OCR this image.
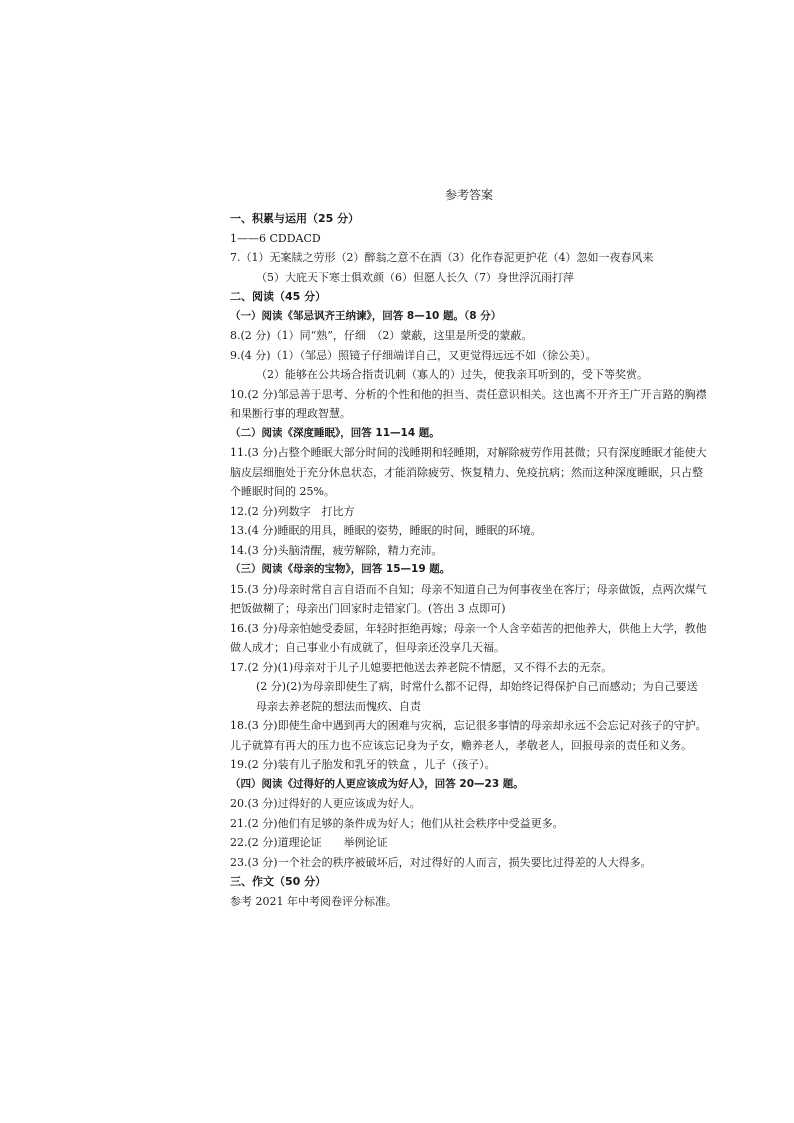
参考答案
一、积累与运用（25 分）
1——6 CDDACD
7.（1）无案牍之劳形（2）醉翁之意不在酒（3）化作春泥更护花（4）忽如一夜春风来
（5）大庇天下寒士俱欢颜（6）但愿人长久（7）身世浮沉雨打萍
二、阅读（45 分）
（一）阅读《邹忌讽齐王纳谏》，回答 8—10 题。（8 分）
8.(2 分)（1）同“熟”，仔细　（2）蒙蔽，这里是所受的蒙蔽。
9.(4 分)（1）（邹忌）照镜子仔细端详自己，又更觉得远远不如（徐公美）。
（2）能够在公共场合指责讥刺（寡人的）过失，使我亲耳听到的，受下等奖赏。
10.(2 分)邹忌善于思考、分析的个性和他的担当、责任意识相关。这也离不开齐王广开言路的胸襟和果断行事的理政智慧。
（二）阅读《深度睡眠》，回答 11—14 题。
11.(3 分)占整个睡眠大部分时间的浅睡期和轻睡期，对解除疲劳作用甚微；只有深度睡眠才能使大脑皮层细胞处于充分休息状态，才能消除疲劳、恢复精力、免疫抗病；然而这种深度睡眠，只占整个睡眠时间的 25%。
12.(2 分)列数字　打比方
13.(4 分)睡眠的用具，睡眠的姿势，睡眠的时间，睡眠的环境。
14.(3 分)头脑清醒，疲劳解除，精力充沛。
（三）阅读《母亲的宝物》，回答 15—19 题。
15.(3 分)母亲时常自言自语而不自知；母亲不知道自己为何事夜坐在客厅；母亲做饭，点两次煤气把饭做糊了；母亲出门回家时走错家门。(答出 3 点即可)
16.(3 分)母亲怕她受委屈，年轻时拒绝再嫁；母亲一个人含辛茹苦的把他养大，供他上大学，教他做人成才；自己事业小有成就了，但母亲还没享几天福。
17.(2 分)(1)母亲对于儿子儿媳要把他送去养老院不情愿，又不得不去的无奈。
(2 分)(2)为母亲即使生了病，时常什么都不记得，却始终记得保护自己而感动；为自己要送母亲去养老院的想法而愧疚、自责
18.(3 分)即使生命中遇到再大的困难与灾祸，忘记很多事情的母亲却永远不会忘记对孩子的守护。儿子就算有再大的压力也不应该忘记身为子女，赡养老人，孝敬老人，回报母亲的责任和义务。
19.(2 分)装有儿子胎发和乳牙的铁盒 ，儿子（孩子）。
（四）阅读《过得好的人更应该成为好人》，回答 20—23 题。
20.(3 分)过得好的人更应该成为好人。
21.(2 分)他们有足够的条件成为好人；他们从社会秩序中受益更多。
22.(2 分)道理论证　　举例论证
23.(3 分)一个社会的秩序被破坏后，对过得好的人而言，损失要比过得差的人大得多。
三、作文（50 分）
参考 2021 年中考阅卷评分标准。
